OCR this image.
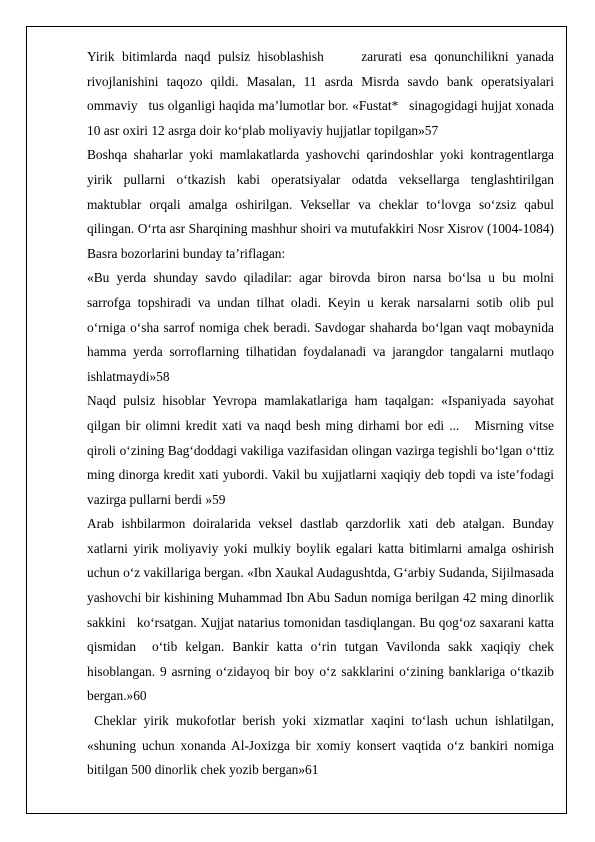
Yirik bitimlarda naqd pulsiz hisoblashish     zarurati esa qonunchilikni yanada rivojlanishini taqozo qildi. Masalan, 11 asrda Misrda savdo bank operatsiyalari ommaviy   tus olganligi haqida ma’lumotlar bor. «Fustat*   sinagogidagi hujjat xonada 10 asr oxiri 12 asrga doir ko‘plab moliyaviy hujjatlar topilgan»57

Boshqa shaharlar yoki mamlakatlarda yashovchi qarindoshlar yoki kontragentlarga yirik pullarni o‘tkazish kabi operatsiyalar odatda veksellarga tenglashtirilgan maktublar orqali amalga oshirilgan. Veksellar va cheklar to‘lovga so‘zsiz qabul qilingan. O‘rta asr Sharqining mashhur shoiri va mutufakkiri Nosr Xisrov (1004-1084) Basra bozorlarini bunday ta’riflagan:

«Bu yerda shunday savdo qiladilar: agar birovda biron narsa bo‘lsa u bu molni sarrofga topshiradi va undan tilhat oladi. Keyin u kerak narsalarni sotib olib pul o‘rniga o‘sha sarrof nomiga chek beradi. Savdogar shaharda bo‘lgan vaqt mobaynida hamma yerda sorroflarning tilhatidan foydalanadi va jarangdor tangalarni mutlaqo ishlatmaydi»58

Naqd pulsiz hisoblar Yevropa mamlakatlariga ham taqalgan: «Ispaniyada sayohat qilgan bir olimni kredit xati va naqd besh ming dirhami bor edi ...   Misrning vitse qiroli o‘zining Bag‘doddagi vakiliga vazifasidan olingan vazirga tegishli bo‘lgan o‘ttiz ming dinorga kredit xati yubordi. Vakil bu xujjatlarni xaqiqiy deb topdi va iste’fodagi vazirga pullarni berdi »59

Arab ishbilarmon doiralarida veksel dastlab qarzdorlik xati deb atalgan. Bunday xatlarni yirik moliyaviy yoki mulkiy boylik egalari katta bitimlarni amalga oshirish uchun o‘z vakillariga bergan. «Ibn Xaukal Audagushtda, G‘arbiy Sudanda, Sijilmasada yashovchi bir kishining Muhammad Ibn Abu Sadun nomiga berilgan 42 ming dinorlik sakkini   ko‘rsatgan. Xujjat natarius tomonidan tasdiqlangan. Bu qog‘oz saxarani katta qismidan  o‘tib kelgan. Bankir katta o‘rin tutgan Vavilonda sakk xaqiqiy chek hisoblangan. 9 asrning o‘zidayoq bir boy o‘z sakklarini o‘zining banklariga o‘tkazib bergan.»60

Cheklar yirik mukofotlar berish yoki xizmatlar xaqini to‘lash uchun ishlatilgan, «shuning uchun xonanda Al-Joxizga bir xomiy konsert vaqtida o‘z bankiri nomiga bitilgan 500 dinorlik chek yozib bergan»61
